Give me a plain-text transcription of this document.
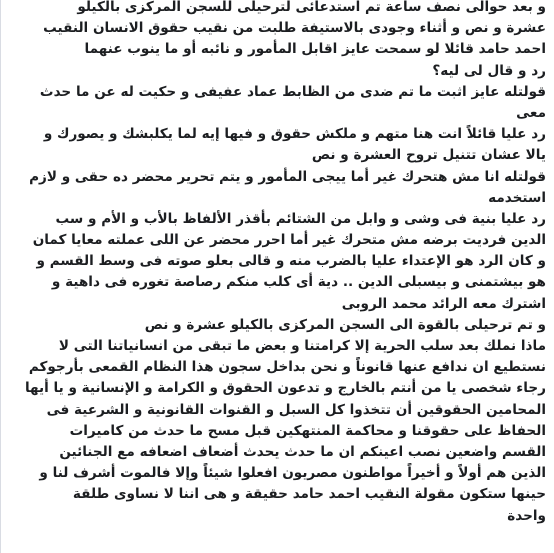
و بعد حوالى نصف ساعة تم استدعائى لترحيلى للسجن المركزى بالكيلو
عشرة و نص و أثناء وجودى بالاستيفة طلبت من نقيب حقوق الانسان النقيب
احمد حامد قائلا لو سمحت عايز اقابل المأمور و نائبه أو ما ينوب عنهما
رد و قال لى ليه؟
قولتله عايز اثبت ما تم ضدى من الظابط عماد عفيفى و حكيت له عن ما حدث
معى
رد عليا قائلاً انت هنا متهم و ملكش حقوق و فيها إيه لما يكلبشك و يصورك و
يالا عشان تتنيل تروح العشرة و نص
قولتله انا مش هتحرك غير أما ييجى المأمور و يتم تحرير محضر ده حقى و لازم
استخدمه
رد عليا بنية فى وشى و وابل من الشتائم بأقذر الألفاظ بالأب و الأم و سب
الدين فرديت برضه مش متحرك غير أما احرر محضر عن اللى عملته معايا كمان
و كان الرد هو الإعتداء عليا بالضرب منه و قالى بعلو صوته فى وسط القسم و
هو بيشتمنى و بيسبلى الدين .. دية أى كلب منكم رصاصة تغوره فى داهية و
اشترك معه الرائد محمد الروبى
و تم ترحيلى بالقوة الى السجن المركزى بالكيلو عشرة و نص
ماذا نملك بعد سلب الحرية إلا كرامتنا و بعض ما تبقى من انسانياتنا التى لا
نستطيع ان ندافع عنها قانوناً و نحن بداخل سجون هذا النظام القمعى بأرجوكم
رجاء شخصى يا من أنتم بالخارج و تدعون الحقوق و الكرامة و الإنسانية و يا أيها
المحامين الحقوقين أن تتخذوا كل السبل و القنوات القانونية و الشرعية فى
الحفاظ على حقوقنا و محاكمة المنتهكين قبل مسح ما حدث من كاميرات
القسم واضعين نصب اعينكم ان ما حدث يحدث أضعاف اضعافه مع الجنائين
الذين هم أولاً و أخيراً مواطنون مصريون افعلوا شيئاً وإلا فالموت أشرف لنا و
حينها ستكون مقولة النقيب احمد حامد حقيقة و هى اننا لا نساوى طلقة
واحدة
